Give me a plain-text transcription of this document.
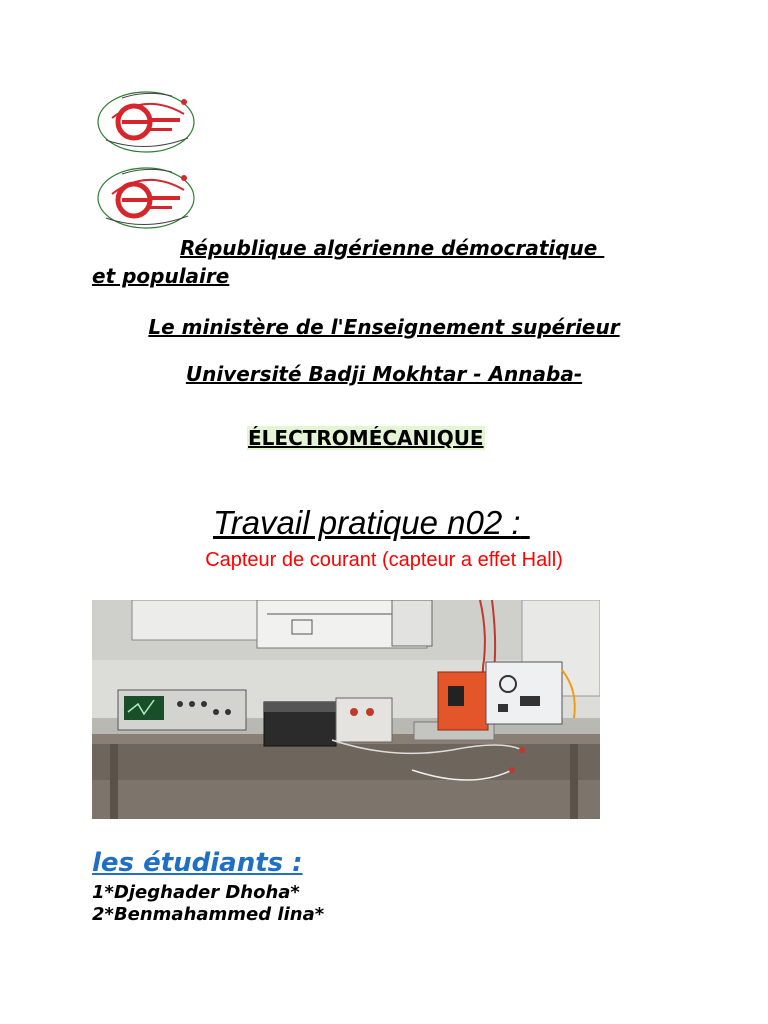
République algérienne démocratique
et populaire
Le ministère de l'Enseignement supérieur
Université Badji Mokhtar - Annaba-
ÉLECTROMÉCANIQUE
Travail pratique n02 :
Capteur de courant (capteur a effet Hall)
les étudiants :
1*Djeghader Dhoha*
2*Benmahammed lina*
